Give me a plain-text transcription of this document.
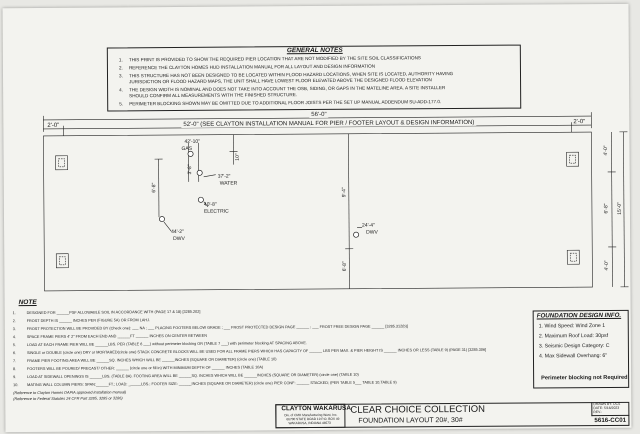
GENERAL NOTES
1. THIS PRINT IS PROVIDED TO SHOW THE REQUIRED PIER LOCATION THAT ARE NOT MODIFIED BY THE SITE SOIL CLASSIFICATIONS
2. REFERENCE THE CLAYTON HOMES HUD INSTALLATION MANUAL FOR ALL LAYOUT AND DESIGN INFORMATION
3. THIS STRUCTURE HAS NOT BEEN DESIGNED TO BE LOCATED WITHIN FLOOD HAZARD LOCATIONS, WHEN SITE IS LOCATED, AUTHORITY HAVING
JURISDICTION OR FLOOD HAZARD MAPS, THE UNIT SHALL HAVE LOWEST FLOOR ELEVATED ABOVE THE DESIGNED FLOOD ELEVATION
4. THE DESIGN WIDTH IS NOMINAL AND DOES NOT TAKE INTO ACCOUNT THE OSB, SIDING, OR GAPS IN THE MATELINE AREA. A SITE INSTALLER
SHOULD CONFIRM ALL MEASUREMENTS WITH THE FINISHED STRUCTURE.
5. PERIMETER BLOCKING SHOWN MAY BE OMITTED DUE TO ADDITIONAL FLOOR JOISTS PER THE SET UP MANUAL ADDENDUM SU-ADD-177.0.
56'-0"
2'-0"
2'-0"
52'-0" (SEE CLAYTON INSTALLATION MANUAL FOR PIER / FOOTER LAYOUT & DESIGN INFORMATION)
42'-10"
GAS
10"
37'-2"
WATER
3'-8"
40'-8"
ELECTRIC
6'-8"
44'-2"
DWV
9'-4"
24'-4"
DWV
6'-8"
4'-0"
6'-8"
4'-0"
15'-0"
NOTE
1.	DESIGNED FOR ______PSF ALLOWABLE SOIL IN ACCORDANCE WITH (PAGE 17 & 18) [3285.202]
2.	FROST DEPTH IS ______ INCHES PER (FIGURE 5A) OR FROM LAHJ.
3.	FROST PROTECTION WILL BE PROVIDED BY (Check one): ___ NA ; ___ PLACING FOOTERS BELOW GRADE ; ___ FROST PROTECTED DESIGN PAGE ______ ; ___ FROST FREE DESIGN PAGE ______ [3285.312(b)]
4.	SPACE FRAME PIERS 4' 2" FROM EACH END AND ______FT ______ INCHES ON CENTER BETWEEN
5.	LOAD AT EACH FRAME PIER WILL BE ______LBS. PER (TABLE 6 ___) without perimeter blocking OR (TABLE 7 ___) with perimeter blocking AT SPACING ABOVE.
6.	SINGLE or DOUBLE (circle one) DRY or MORTARED(circle one) STACK CONCRETE BLOCKS WILL BE USED FOR ALL FRAME PIERS WHICH HAS CAPACITY OF ______ LBS PER MAX. & PIER HEIGHT IS ______ INCHES OR LESS (TABLE 9) (PAGE 31) [3285.306]
7.	FRAME PIER FOOTING AREA WILL BE ______SQ. INCHES WHICH WILL BE ______INCHES (SQUARE OR DIAMETER) (circle one) (TABLE 10)
8.	FOOTERS WILL BE POURED/ PRECAST/ OTHER: ______ (circle one or fill in) WITH MINIMUM DEPTH OF ______ INCHES (TABLE 10A)
9.	LOAD AT SIDEWALL OPENINGS IS ______LBS. (TABLE 8A). FOOTING AREA WILL BE ______SQ. INCHES WHICH WILL BE ______INCHES (SQUARE OR DIAMETER) (circle one) (TABLE 10)
10. MATING WALL COLUMN PIERS: SPAN:______FT.; LOAD: ______LBS.; FOOTER SIZE: ______INCHES (SQUARE OR DIAMETER) (circle one) PIER CONF: ______ STACKED; (PER TABLE 5___ TABLE 10,TABLE 9)
(Reference to Clayton Homes DAPIA approved installation manual)
(Reference to Federal Statutes 24 CFR Part 3285, 3285 or 3286)
FOUNDATION DESIGN INFO.
1. Wind Speed: Wind Zone 1
2. Maximum Roof Load: 30psf
3. Seismic Design Category: C
4. Max Sidewall Overhang: 6"
Perimeter blocking not Required
CLAYTON WAKARUSA
Div. of CMH Manufacturing West, Inc.
66700 STATE ROAD 19 P.O. BOX 49
WAKARUSA, INDIANA 46573
CLEAR CHOICE COLLECTION
FOUNDATION LAYOUT 20#, 30#
DRAWN BY: DCS
DATE: 5/16/2023
REV.:
5616-CC01
